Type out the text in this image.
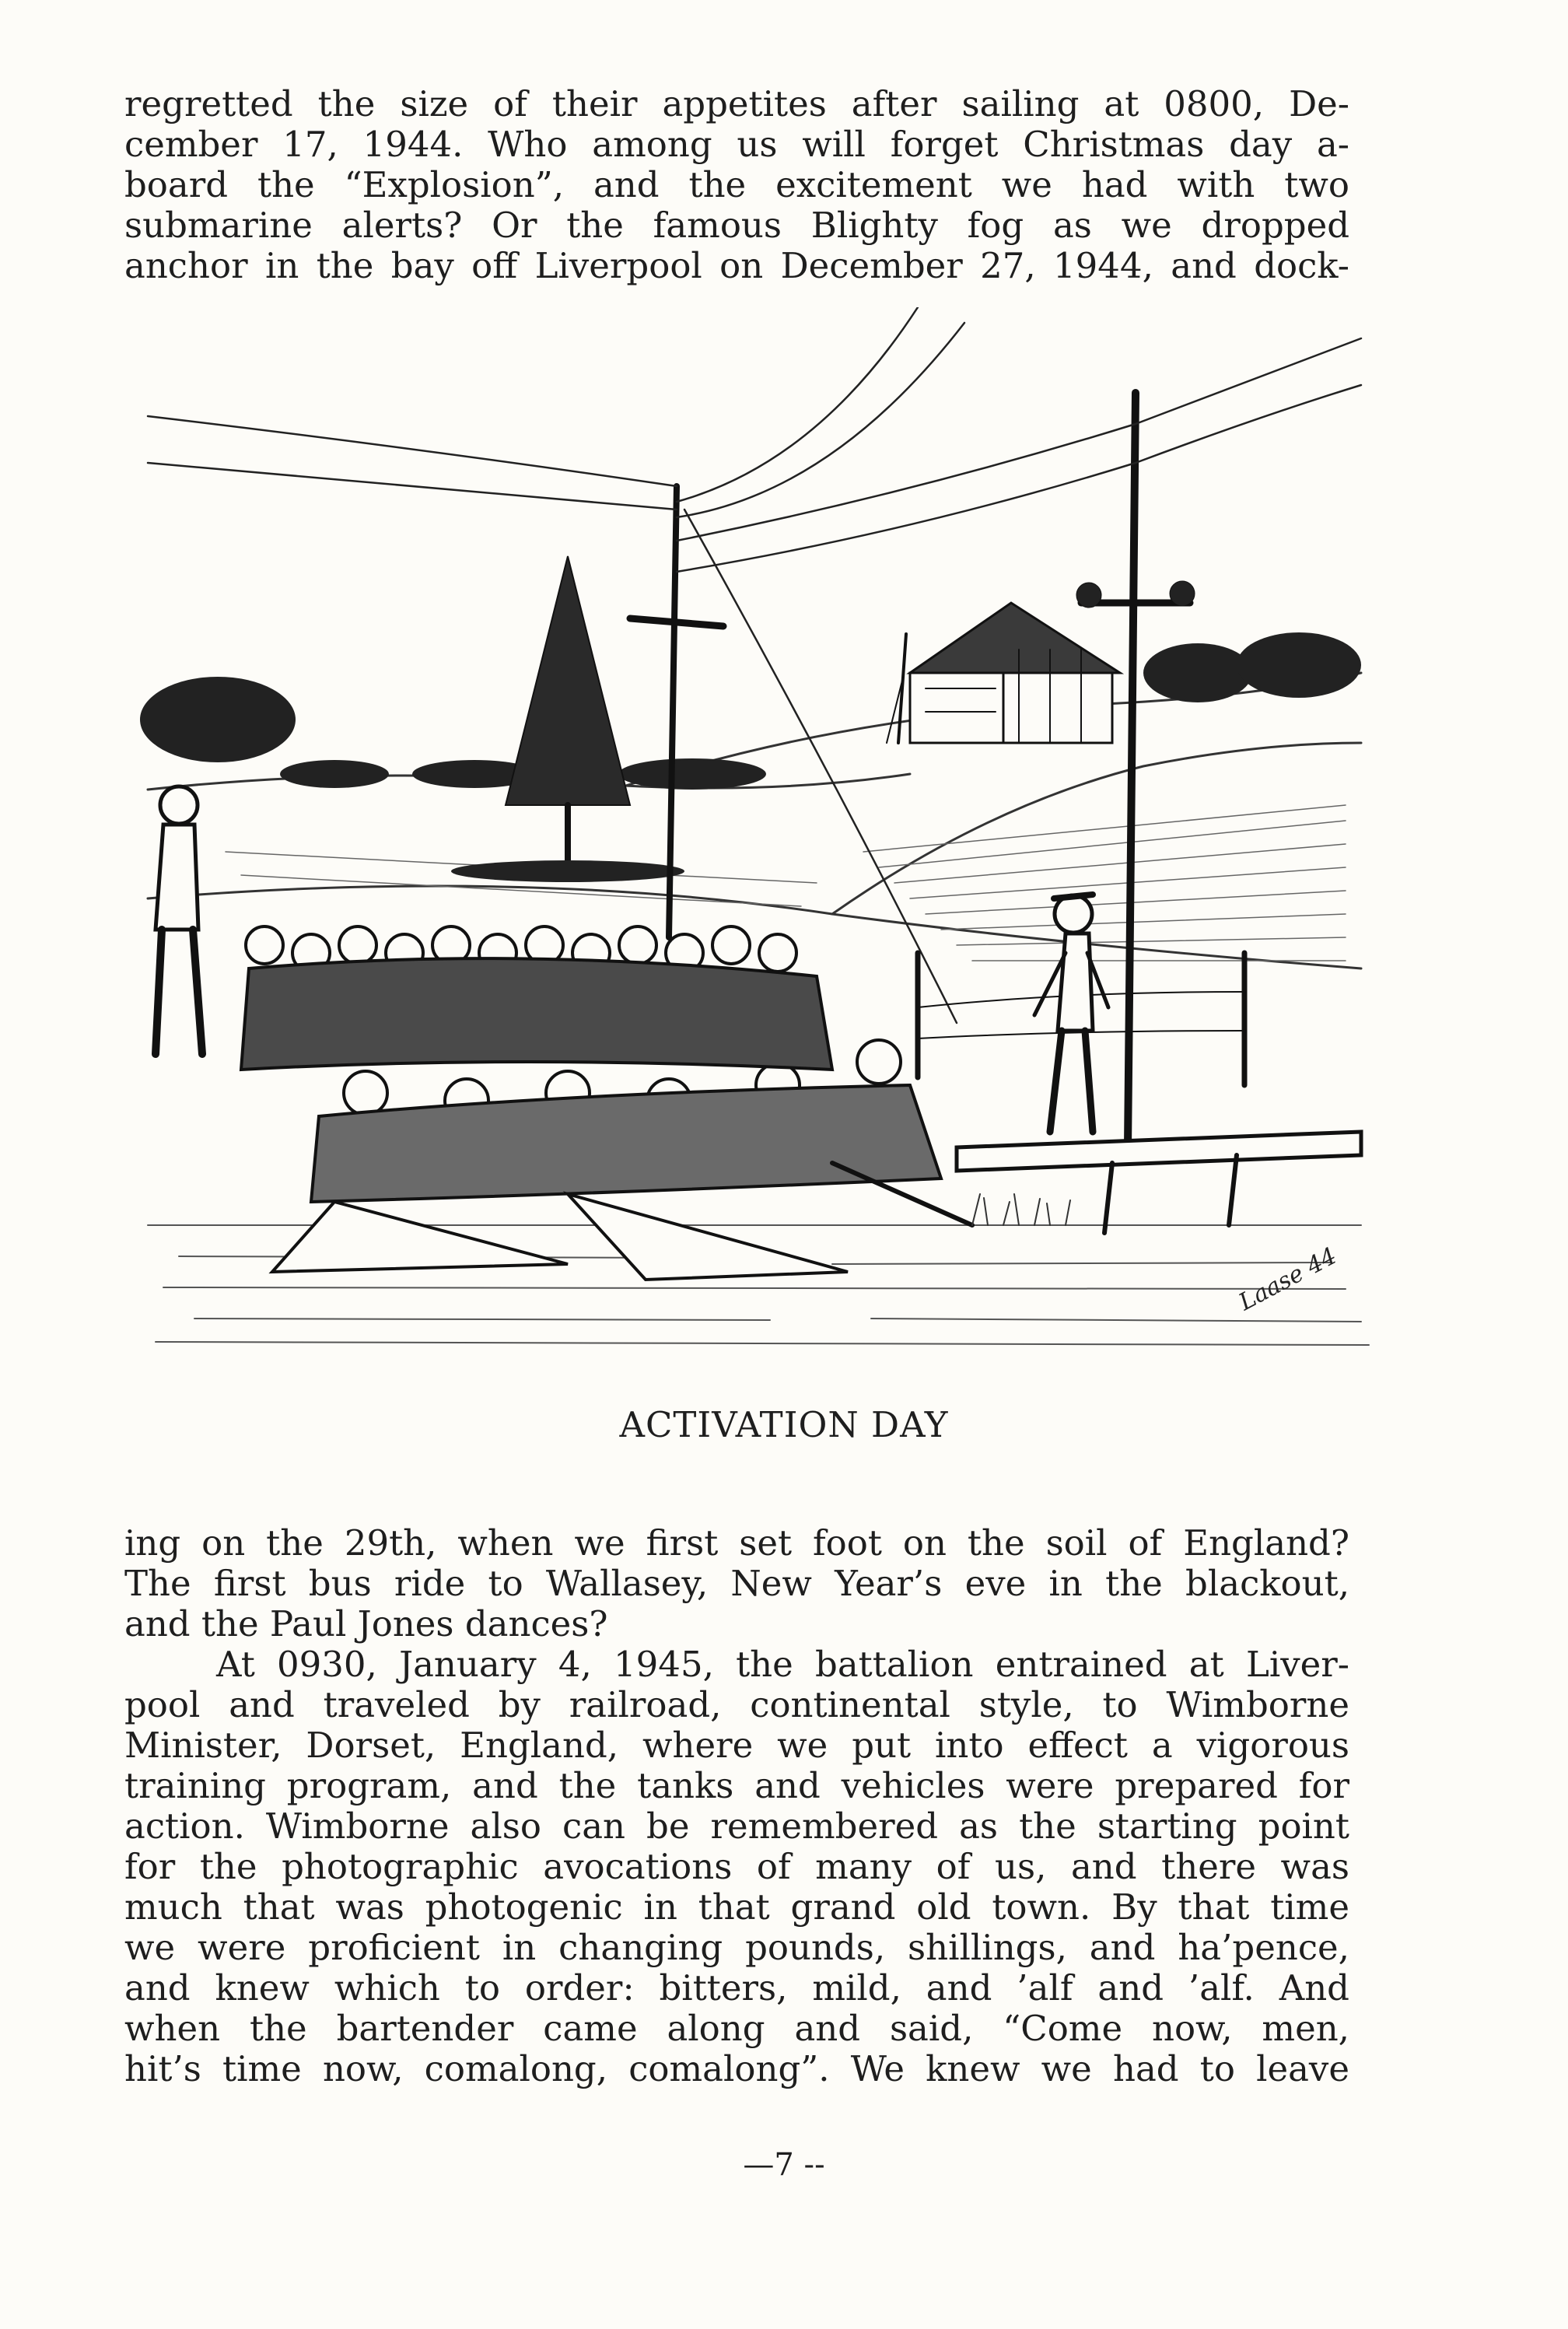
regretted the size of their appetites after sailing at 0800, De-
cember 17, 1944. Who among us will forget Christmas day a-
board the “Explosion”, and the excitement we had with two
submarine alerts? Or the famous Blighty fog as we dropped
anchor in the bay off Liverpool on December 27, 1944, and dock-
Laase 44
ACTIVATION DAY
ing on the 29th, when we first set foot on the soil of England?
The first bus ride to Wallasey, New Year’s eve in the blackout,
and the Paul Jones dances?
At 0930, January 4, 1945, the battalion entrained at Liver-
pool and traveled by railroad, continental style, to Wimborne
Minister, Dorset, England, where we put into effect a vigorous
training program, and the tanks and vehicles were prepared for
action. Wimborne also can be remembered as the starting point
for the photographic avocations of many of us, and there was
much that was photogenic in that grand old town. By that time
we were proficient in changing pounds, shillings, and ha’pence,
and knew which to order: bitters, mild, and ’alf and ’alf. And
when the bartender came along and said, “Come now, men,
hit’s time now, comalong, comalong”. We knew we had to leave
—7 --
